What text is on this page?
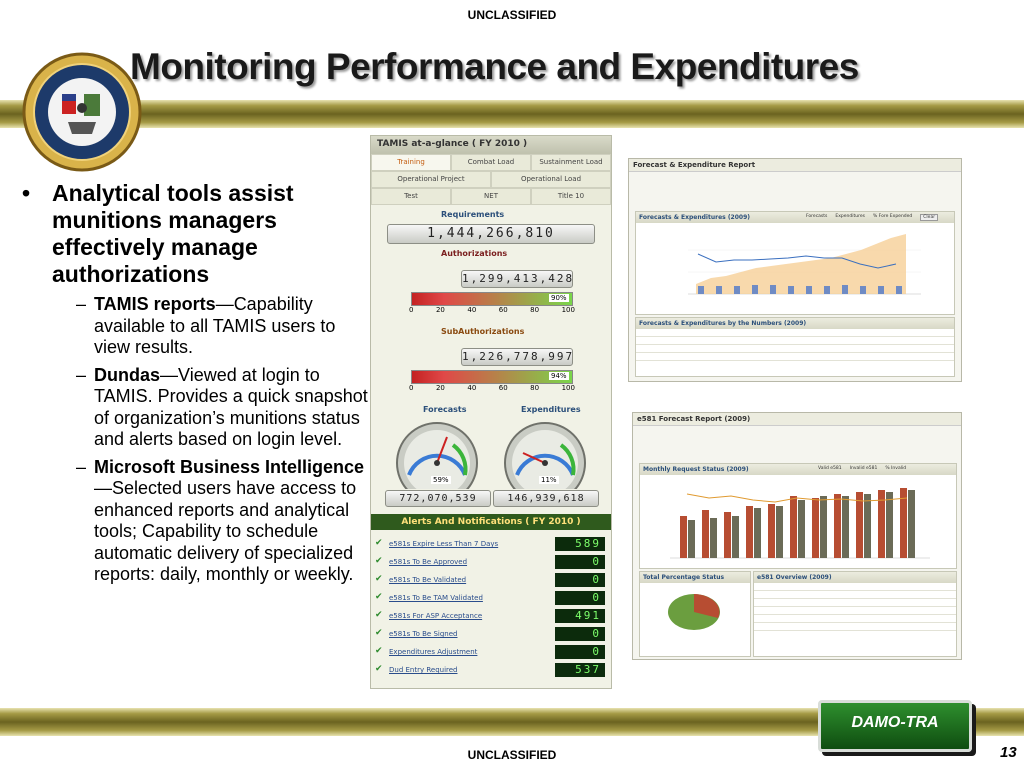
UNCLASSIFIED
Monitoring Performance and Expenditures
• Analytical tools assist munitions managers effectively manage authorizations
– TAMIS reports—Capability available to all TAMIS users to view results.
– Dundas—Viewed at login to TAMIS. Provides a quick snapshot of organization’s munitions status and alerts based on login level.
– Microsoft Business Intelligence—Selected users have access to enhanced reports and analytical tools; Capability to schedule automatic delivery of specialized reports: daily, monthly or weekly.
TAMIS at-a-glance ( FY 2010 )
Training	Combat Load	Sustainment Load
Operational Project	Operational Load
Test	NET	Title 10
Requirements
1,444,266,810
Authorizations
1,299,413,428
90%
0	20	40	60	80	100
SubAuthorizations
1,226,778,997
94%
0	20	40	60	80	100
Forecasts	Expenditures
59%	11%
772,070,539	146,939,618
Alerts And Notifications ( FY 2010 )
✔ e581s Expire Less Than 7 Days	589
✔ e581s To Be Approved	0
✔ e581s To Be Validated	0
✔ e581s To Be TAM Validated	0
✔ e581s For ASP Acceptance	491
✔ e581s To Be Signed	0
✔ Expenditures Adjustment	0
✔ Dud Entry Required	537
Forecast & Expenditure Report
Forecasts & Expenditures (2009)	Forecasts Expenditures % Fore Expended	Clear
Forecasts & Expenditures by the Numbers (2009)

e581 Forecast Report (2009)
Monthly Request Status (2009)	Valid e581 Invalid e581 % Invalid
Total Percentage Status	e581 Overview (2009)

DAMO-TRA
UNCLASSIFIED	13
